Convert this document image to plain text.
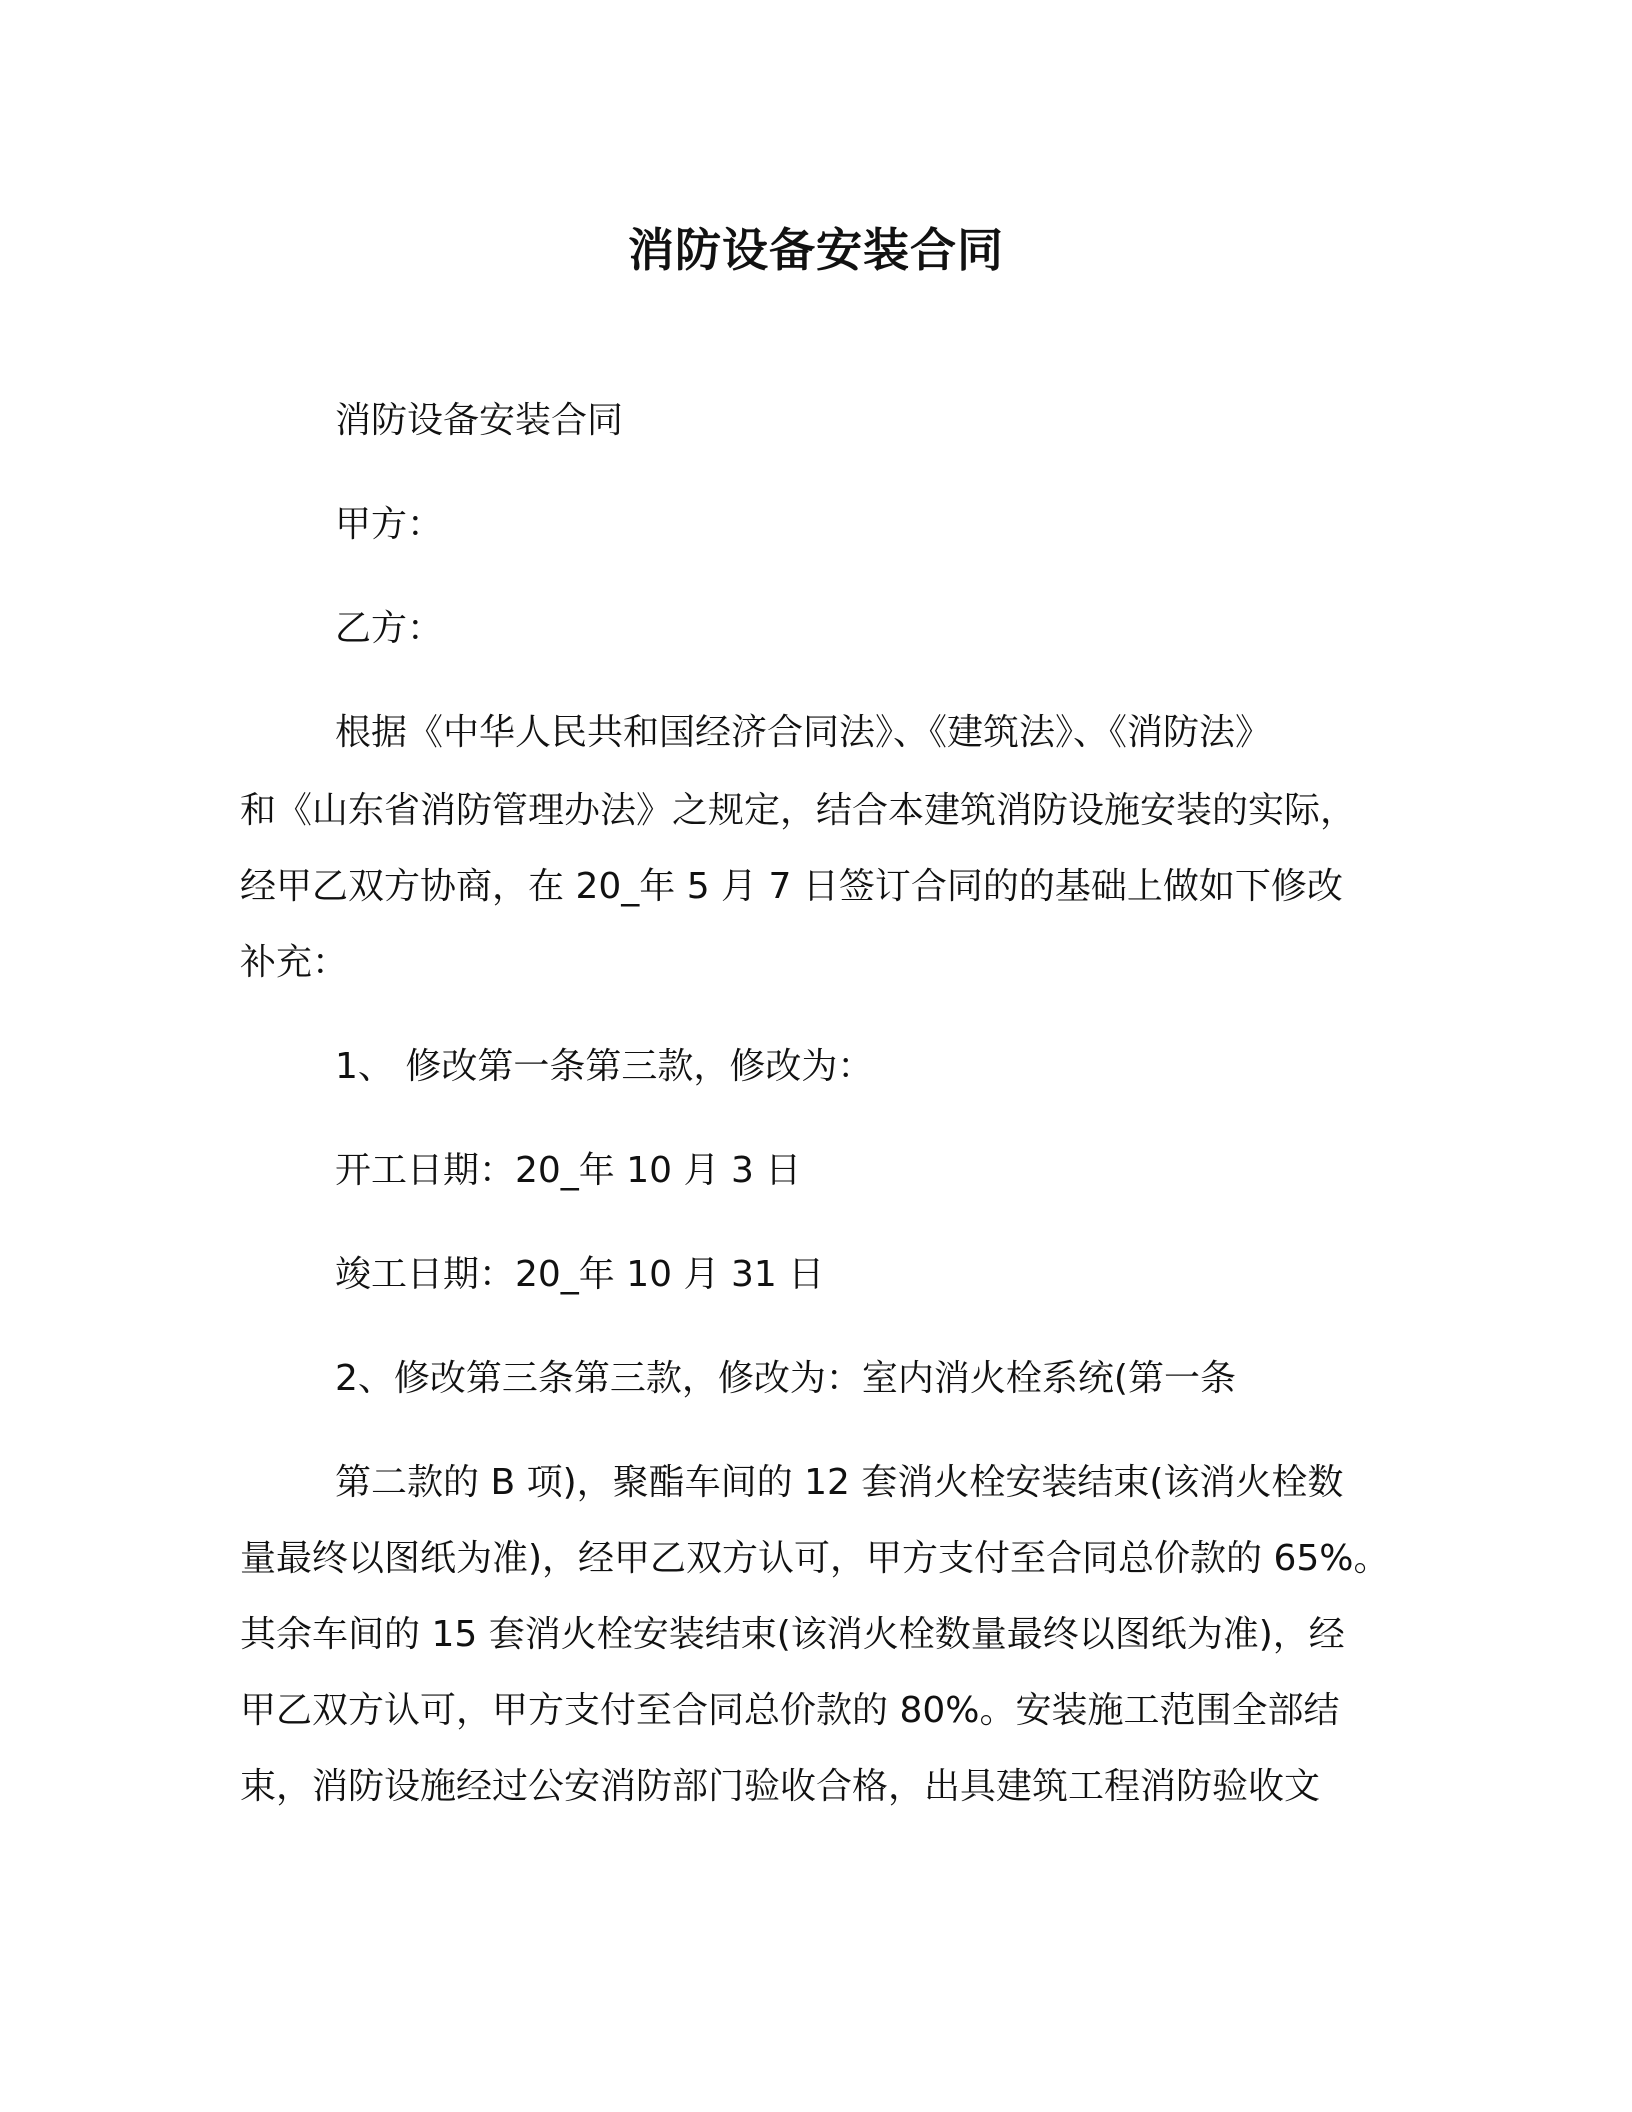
消防设备安装合同
消防设备安装合同
甲方：
乙方：
根据《中华人民共和国经济合同法》、《建筑法》、《消防法》
和《山东省消防管理办法》之规定，结合本建筑消防设施安装的实际，
经甲乙双方协商，在 20_年 5 月 7 日签订合同的的基础上做如下修改
补充：
1、 修改第一条第三款，修改为：
开工日期：20_年 10 月 3 日
竣工日期：20_年 10 月 31 日
2、修改第三条第三款，修改为：室内消火栓系统(第一条
第二款的 B 项)，聚酯车间的 12 套消火栓安装结束(该消火栓数
量最终以图纸为准)，经甲乙双方认可，甲方支付至合同总价款的 65%。
其余车间的 15 套消火栓安装结束(该消火栓数量最终以图纸为准)，经
甲乙双方认可，甲方支付至合同总价款的 80%。安装施工范围全部结
束，消防设施经过公安消防部门验收合格，出具建筑工程消防验收文
